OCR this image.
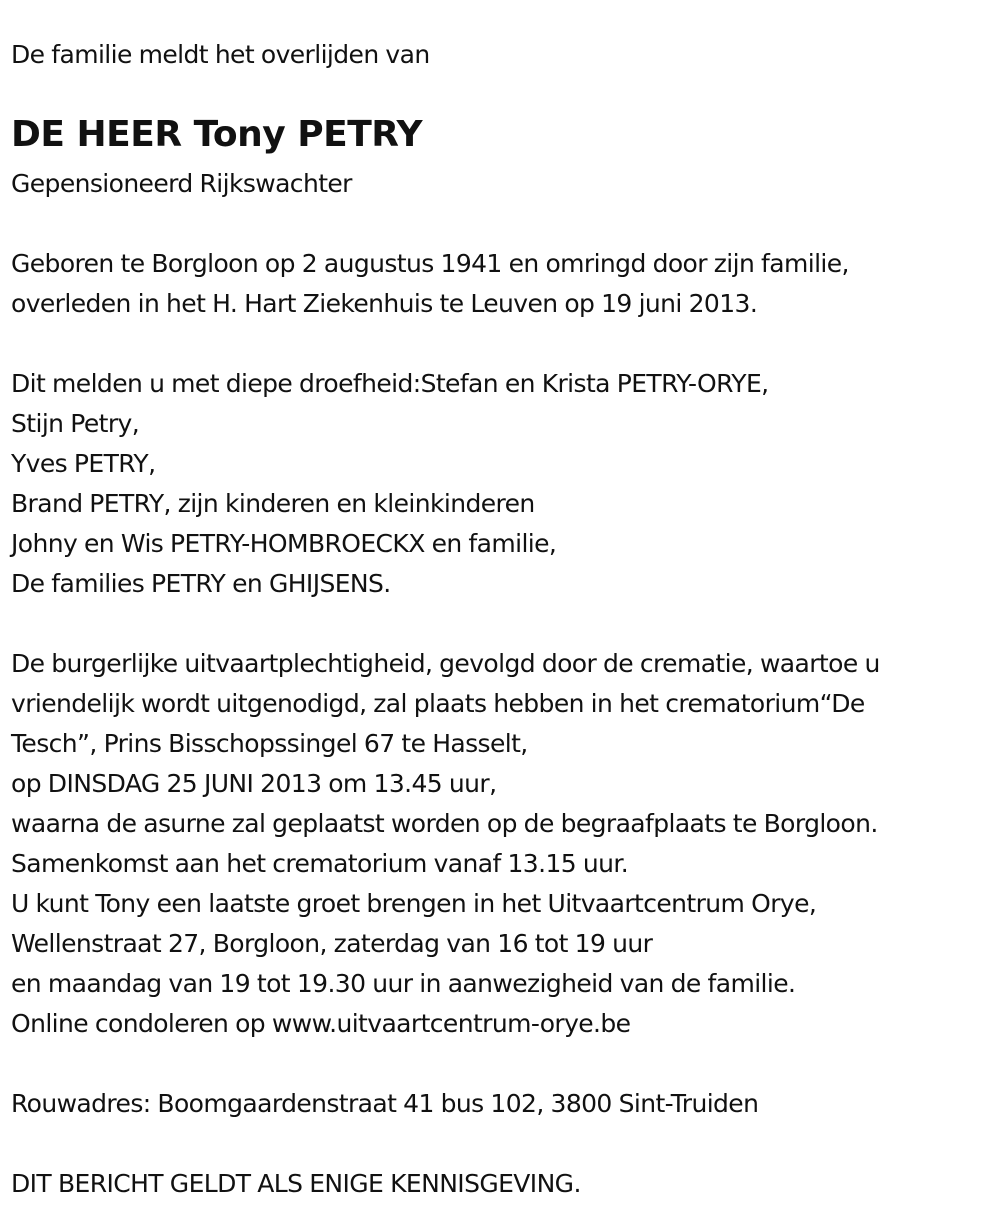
De familie meldt het overlijden van
DE HEER Tony PETRY
Gepensioneerd Rijkswachter
Geboren te Borgloon op 2 augustus 1941 en omringd door zijn familie,
overleden in het H. Hart Ziekenhuis te Leuven op 19 juni 2013.
Dit melden u met diepe droefheid:Stefan en Krista PETRY-ORYE,
Stijn Petry,
Yves PETRY,
Brand PETRY, zijn kinderen en kleinkinderen
Johny en Wis PETRY-HOMBROECKX en familie,
De families PETRY en GHIJSENS.
De burgerlijke uitvaartplechtigheid, gevolgd door de crematie, waartoe u
vriendelijk wordt uitgenodigd, zal plaats hebben in het crematorium“De
Tesch”, Prins Bisschopssingel 67 te Hasselt,
op DINSDAG 25 JUNI 2013 om 13.45 uur,
waarna de asurne zal geplaatst worden op de begraafplaats te Borgloon.
Samenkomst aan het crematorium vanaf 13.15 uur.
U kunt Tony een laatste groet brengen in het Uitvaartcentrum Orye,
Wellenstraat 27, Borgloon, zaterdag van 16 tot 19 uur
en maandag van 19 tot 19.30 uur in aanwezigheid van de familie.
Online condoleren op www.uitvaartcentrum-orye.be
Rouwadres: Boomgaardenstraat 41 bus 102, 3800 Sint-Truiden
DIT BERICHT GELDT ALS ENIGE KENNISGEVING.
